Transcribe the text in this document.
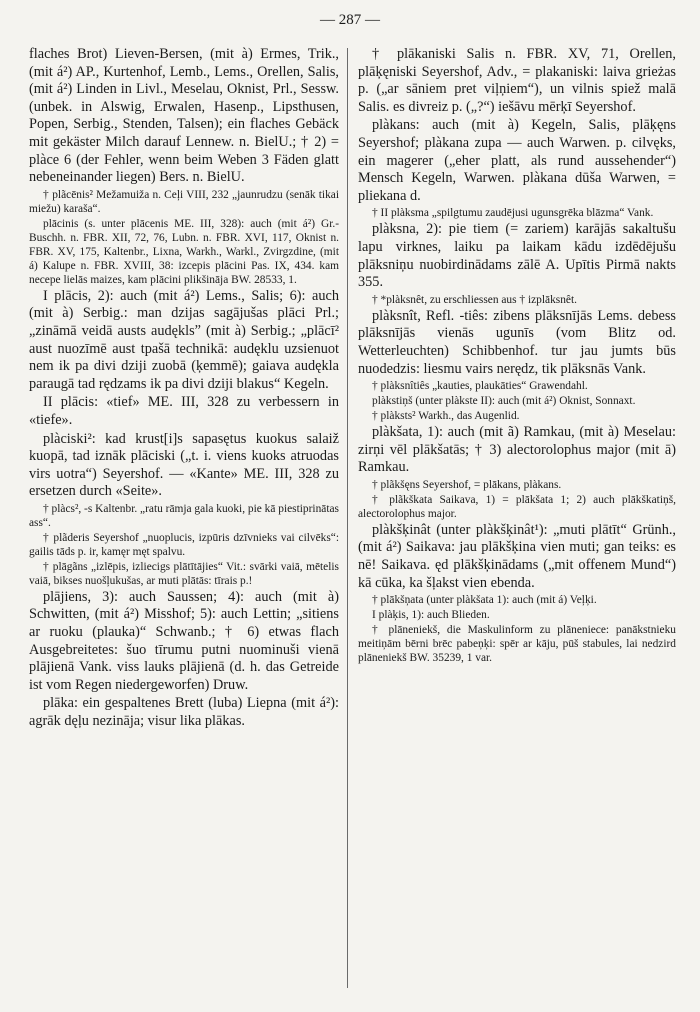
— 287 —

flaches Brot) Lieven-Bersen, (mit à) Ermes, Trik., (mit á²) AP., Kurtenhof, Lemb., Lems., Orellen, Salis, (mit á²) Linden in Livl., Meselau, Oknist, Prl., Sessw. (unbek. in Alswig, Erwalen, Hasenp., Lipsthusen, Popen, Serbig., Stenden, Talsen); ein flaches Gebäck mit gekäster Milch darauf Lennew. n. BielU.; † 2) = plàce 6 (der Fehler, wenn beim Weben 3 Fäden glatt nebeneinander liegen) Bers. n. BielU.

† plãcēnis² Mežamuiža n. Ceļi VIII, 232 „jaunrudzu (senāk tikai miežu) karaša“.

plācinis (s. unter plācenis ME. III, 328): auch (mit á²) Gr.-Buschh. n. FBR. XII, 72, 76, Lubn. n. FBR. XVI, 117, Oknist n. FBR. XV, 175, Kaltenbr., Lixna, Warkh., Warkl., Zvirgzdine, (mit á) Kalupe n. FBR. XVIII, 38: izcepis plācini Pas. IX, 434. kam necepe lielās maizes, kam plācini plikšināja BW. 28533, 1.

I plācis, 2): auch (mit á²) Lems., Salis; 6): auch (mit à) Serbig.: man dzijas sagājušas plāci Prl.; „zināmā veidā austs audęklsˮ (mit à) Serbig.; „plācī² aust nuozīmē aust tpašā technikā: audęklu uzsienuot nem ik pa divi dziji zuobā (ķemmē); gaiava audękla paraugā tad rędzams ik pa divi dziji blakus“ Kegeln.

II plācis: «tief» ME. III, 328 zu verbessern in «tiefe».

plàciski²: kad krust[i]s sapasętus kuokus salaiž kuopā, tad iznāk plāciski („t. i. viens kuoks atruodas virs uotra“) Seyershof. — «Kante» ME. III, 328 zu ersetzen durch «Seite».

† plàcs², -s Kaltenbr. „ratu rāmja gala kuoki, pie kā piestiprinātas ass“.

† plãderis Seyershof „nuoplucis, izpūris dzīvnieks vai cilvēks“: gailis tāds p. ir, kamęr męt spalvu.

† plāgãns „izlēpis, izliecigs plātītājies“ Vit.: svārki vaiā, mētelis vaiā, bikses nuošļukušas, ar muti plātās: tīrais p.!

plājiens, 3): auch Saussen; 4): auch (mit à) Schwitten, (mit á²) Misshof; 5): auch Lettin; „sitiens ar ruoku (plauka)“ Schwanb.; † 6) etwas flach Ausgebreitetes: šuo tīrumu putni nuominuši vienā plājienā Vank. viss lauks plājienā (d. h. das Getreide ist vom Regen niedergeworfen) Druw.

plāka: ein gespaltenes Brett (luba) Liepna (mit á²): agrāk dęļu nezināja; visur lika plākas.

† plākaniski Salis n. FBR. XV, 71, Orellen, plāķęniski Seyershof, Adv., = plakaniski: laiva grieżas p. („ar sāniem pret viļņiem“), un vilnis spiež malā Salis. es divreiz p. („?“) iešāvu mērķī Seyershof.

plàkans: auch (mit à) Kegeln, Salis, plāķęns Seyershof; plàkana zupa — auch Warwen. p. cilvęks, ein magerer („eher platt, als rund aussehender“) Mensch Kegeln, Warwen. plàkana dūša Warwen, = pliekana d.

† II plàksma „spilgtumu zaudējusi ugunsgrēka blāzma“ Vank.

plàksna, 2): pie tiem (= zariem) karājās sakaltušu lapu virknes, laiku pa laikam kādu izdēdējušu plāksniņu nuobirdinādams zālē A. Upītis Pirmā nakts 355.

† *plàksnêt, zu erschliessen aus † izplāksnêt.

plàksnît, Refl. -tiês: zibens plāksnījās Lems. debess plāksnījās vienās ugunīs (vom Blitz od. Wetterleuchten) Schibbenhof. tur jau jumts būs nuodedzis: liesmu vairs nerędz, tik plāksnās Vank.

† plàksnîtiês „kauties, plaukāties“ Grawendahl.

plàkstiņš (unter plàkste II): auch (mit á²) Oknist, Sonnaxt.

† plàksts² Warkh., das Augenlid.

plàkšata, 1): auch (mit ã) Ramkau, (mit à) Meselau: zirņi vēl plākšatās; † 3) alectorolophus major (mit ā) Ramkau.

† plãkšęns Seyershof, = plākans, plàkans.

† plãkškata Saikava, 1) = plākšata 1; 2) auch plākškatiņš, alectorolophus major.

plàkšķinât (unter plàkšķinât¹): „muti plātīt“ Grünh., (mit á²) Saikava: jau plākšķina vien muti; gan teiks: es nē! Saikava. ęd plākšķinādams („mit offenem Mund“) kā cūka, ka šļakst vien ebenda.

† plākšņata (unter plàkšata 1): auch (mit á) Veļķi.

I plàķis, 1): auch Blieden.

† plāneniekš, die Maskulinform zu plāneniece: panākstnieku meitiņām bērni brēc pabeņķi: spēr ar kāju, pūš stabules, lai nedzird plāneniekš BW. 35239, 1 var.
